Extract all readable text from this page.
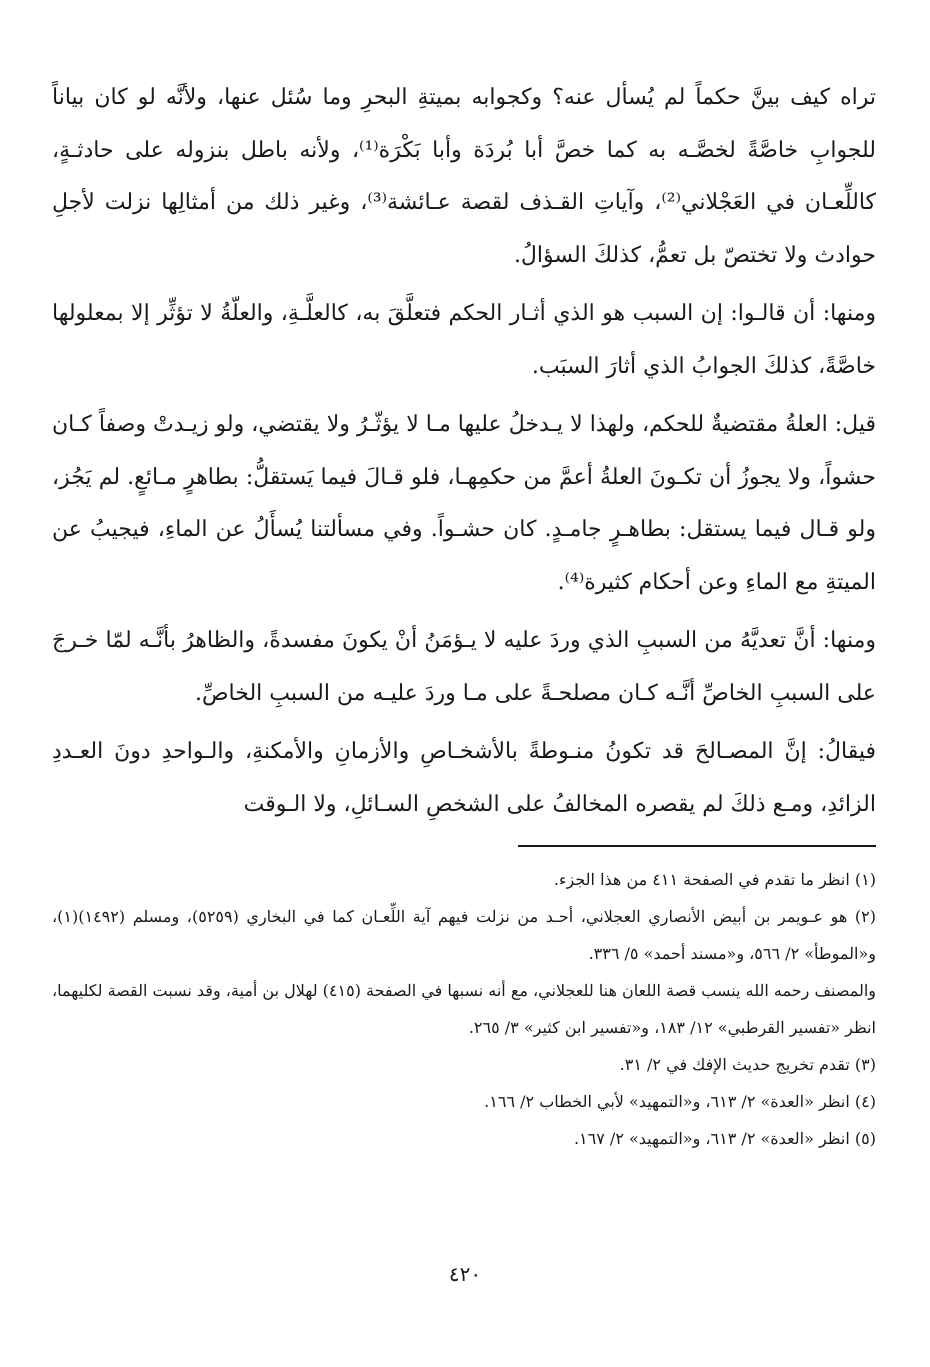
تراه كيف بينَّ حكماً لم يُسأل عنه؟ وكجوابه بميتةِ البحرِ وما سُئل عنها، ولأنَّه لو كان بياناً للجوابِ خاصَّةً لخصَّـه به كما خصَّ أبا بُردَة وأبا بَكْرَة⁽¹⁾، ولأنه باطل بنزوله على حادثـةٍ، كاللِّعـان في العَجْلاني⁽²⁾، وآياتِ القـذف لقصة عـائشة⁽³⁾، وغير ذلك من أمثالِها نزلت لأجلِ حوادث ولا تختصّ بل تعمُّ، كذلكَ السؤالُ.

ومنها: أن قالـوا: إن السبب هو الذي أثـار الحكم فتعلَّقَ به، كالعلَّـةِ، والعلّةُ لا تؤثِّر إلا بمعلولها خاصَّةً، كذلكَ الجوابُ الذي أثارَ السبَب.

قيل: العلةُ مقتضيةٌ للحكم، ولهذا لا يـدخلُ عليها مـا لا يؤثّـرُ ولا يقتضي، ولو زيـدتْ وصفاً كـان حشواً، ولا يجوزُ أن تكـونَ العلةُ أعمَّ من حكمِهـا، فلو قـالَ فيما يَستقلُّ: بطاهرٍ مـائعٍ. لم يَجُز، ولو قـال فيما يستقل: بطاهـرٍ جامـدٍ. كان حشـواً. وفي مسألتنا يُسأَلُ عن الماءِ، فيجيبُ عن الميتةِ مع الماءِ وعن أحكام كثيرة⁽⁴⁾.

ومنها: أنَّ تعديَّهُ من السببِ الذي وردَ عليه لا يـؤمَنُ أنْ يكونَ مفسدةً، والظاهرُ بأنَّـه لمّا خـرجَ على السببِ الخاصِّ أنَّـه كـان مصلحـةً على مـا وردَ عليـه من السببِ الخاصِّ.

فيقالُ: إنَّ المصـالحَ قد تكونُ منـوطةً بالأشخـاصِ والأزمانِ والأمكنةِ، والـواحدِ دونَ العـددِ الزائدِ، ومـع ذلكَ لم يقصره المخالفُ على الشخصِ السـائلِ، ولا الـوقت

(١) انظر ما تقدم في الصفحة ٤١١ من هذا الجزء.

(٢) هو عـويمر بن أبيض الأنصاري العجلاني، أحـد من نزلت فيهم آية اللِّعـان كما في البخاري (٥٢٥٩)، ومسلم (١٤٩٢)(١)، و«الموطأ» ٢/ ٥٦٦، و«مسند أحمد» ٥/ ٣٣٦.

والمصنف رحمه الله ينسب قصة اللعان هنا للعجلاني، مع أنه نسبها في الصفحة (٤١٥) لهلال بن أمية، وقد نسبت القصة لكليهما، انظر «تفسير القرطبي» ١٢/ ١٨٣، و«تفسير ابن كثير» ٣/ ٢٦٥.

(٣) تقدم تخريج حديث الإفك في ٢/ ٣١.

(٤) انظر «العدة» ٢/ ٦١٣، و«التمهيد» لأبي الخطاب ٢/ ١٦٦.

(٥) انظر «العدة» ٢/ ٦١٣، و«التمهيد» ٢/ ١٦٧.

٤٢٠
